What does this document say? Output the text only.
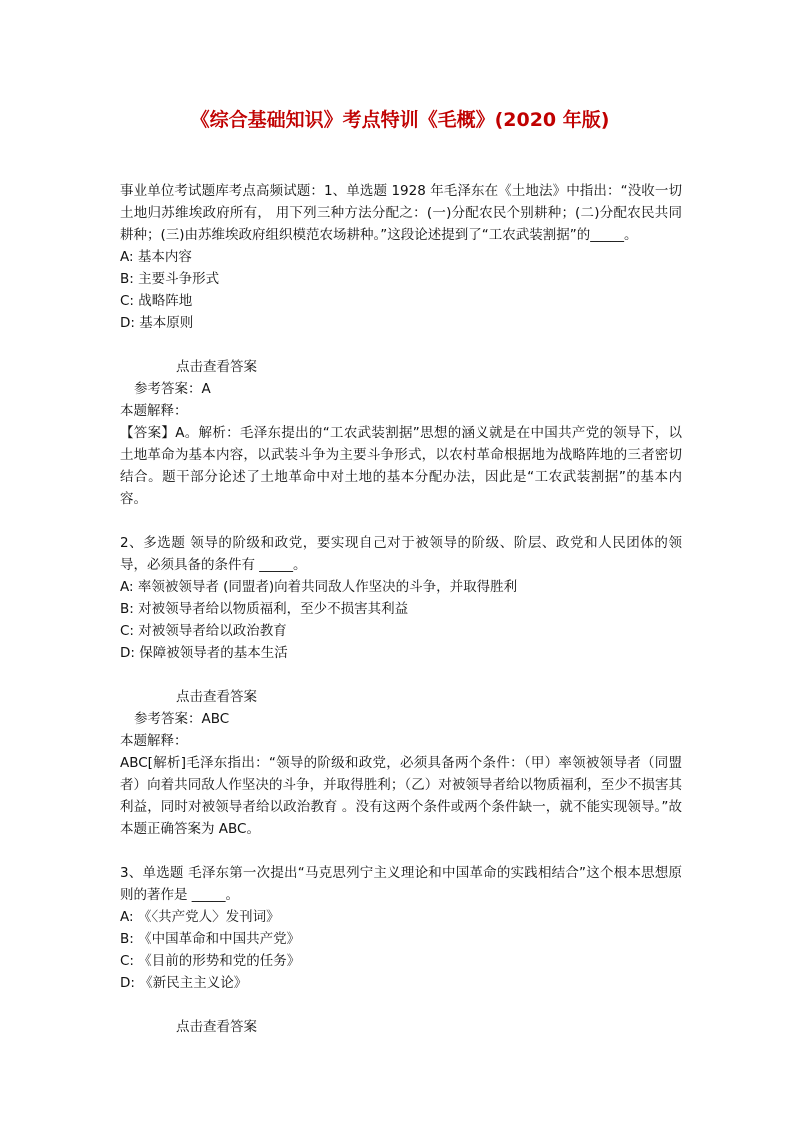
《综合基础知识》考点特训《毛概》(2020 年版)

事业单位考试题库考点高频试题：1、单选题 1928 年毛泽东在《土地法》中指出：“没收一切土地归苏维埃政府所有， 用下列三种方法分配之：(一)分配农民个别耕种；(二)分配农民共同耕种；(三)由苏维埃政府组织模范农场耕种。”这段论述提到了“工农武装割据”的_____。

A: 基本内容

B: 主要斗争形式

C: 战略阵地

D: 基本原则

点击查看答案

参考答案：A

本题解释：

【答案】A。解析：毛泽东提出的“工农武装割据”思想的涵义就是在中国共产党的领导下，以土地革命为基本内容，以武装斗争为主要斗争形式，以农村革命根据地为战略阵地的三者密切结合。题干部分论述了土地革命中对土地的基本分配办法，因此是“工农武装割据”的基本内容。

2、多选题 领导的阶级和政党，要实现自己对于被领导的阶级、阶层、政党和人民团体的领导，必须具备的条件有 _____。

A: 率领被领导者 (同盟者)向着共同敌人作坚决的斗争，并取得胜利

B: 对被领导者给以物质福利，至少不损害其利益

C: 对被领导者给以政治教育

D: 保障被领导者的基本生活

点击查看答案

参考答案：ABC

本题解释：

ABC[解析]毛泽东指出：“领导的阶级和政党，必须具备两个条件：（甲）率领被领导者（同盟者）向着共同敌人作坚决的斗争，并取得胜利；（乙）对被领导者给以物质福利，至少不损害其利益，同时对被领导者给以政治教育 。没有这两个条件或两个条件缺一，就不能实现领导。”故本题正确答案为 ABC。

3、单选题 毛泽东第一次提出“马克思列宁主义理论和中国革命的实践相结合”这个根本思想原则的著作是 _____。

A: 《〈共产党人〉发刊词》

B: 《中国革命和中国共产党》

C: 《目前的形势和党的任务》

D: 《新民主主义论》

点击查看答案
